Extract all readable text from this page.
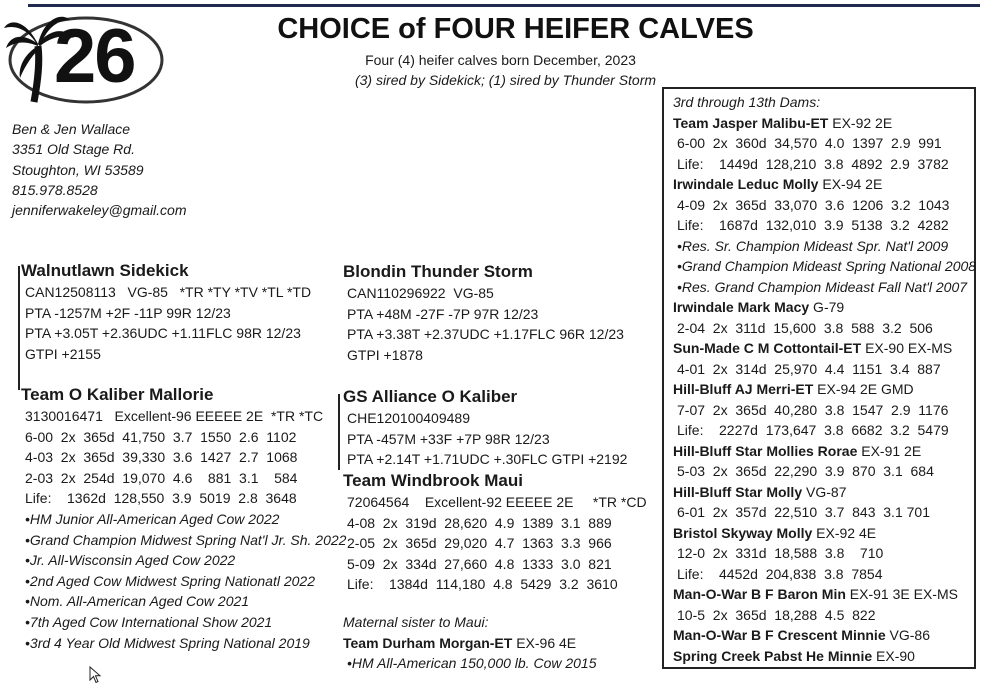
26	CHOICE of FOUR HEIFER CALVES
Four (4) heifer calves born December, 2023
(3) sired by Sidekick; (1) sired by Thunder Storm
Ben & Jen Wallace
3351 Old Stage Rd.
Stoughton, WI 53589
815.978.8528
jenniferwakeley@gmail.com
Walnutlawn Sidekick
CAN12508113   VG-85   *TR *TY *TV *TL *TD
PTA -1257M +2F -11P 99R 12/23
PTA +3.05T +2.36UDC +1.11FLC 98R 12/23
GTPI +2155
Team O Kaliber Mallorie
3130016471   Excellent-96 EEEEE 2E  *TR *TC
6-00  2x  365d  41,750  3.7  1550  2.6  1102
4-03  2x  365d  39,330  3.6  1427  2.7  1068
2-03  2x  254d  19,070  4.6    881  3.1    584
Life:    1362d  128,550  3.9  5019  2.8  3648
•HM Junior All-American Aged Cow 2022
•Grand Champion Midwest Spring Nat'l Jr. Sh. 2022
•Jr. All-Wisconsin Aged Cow 2022
•2nd Aged Cow Midwest Spring Nationatl 2022
•Nom. All-American Aged Cow 2021
•7th Aged Cow International Show 2021
•3rd 4 Year Old Midwest Spring National 2019
Blondin Thunder Storm
CAN110296922  VG-85
PTA +48M -27F -7P 97R 12/23
PTA +3.38T +2.37UDC +1.17FLC 96R 12/23
GTPI +1878
GS Alliance O Kaliber
CHE120100409489
PTA -457M +33F +7P 98R 12/23
PTA +2.14T +1.71UDC +.30FLC GTPI +2192
Team Windbrook Maui
72064564    Excellent-92 EEEEE 2E     *TR *CD
4-08  2x  319d  28,620  4.9  1389  3.1  889
2-05  2x  365d  29,020  4.7  1363  3.3  966
5-09  2x  334d  27,660  4.8  1333  3.0  821
Life:    1384d  114,180  4.8  5429  3.2  3610
Maternal sister to Maui:
Team Durham Morgan-ET EX-96 4E
•HM All-American 150,000 lb. Cow 2015
3rd through 13th Dams:
Team Jasper Malibu-ET EX-92 2E
6-00  2x  360d  34,570  4.0  1397  2.9  991
Life:    1449d  128,210  3.8  4892  2.9  3782
Irwindale Leduc Molly EX-94 2E
4-09  2x  365d  33,070  3.6  1206  3.2  1043
Life:    1687d  132,010  3.9  5138  3.2  4282
•Res. Sr. Champion Mideast Spr. Nat'l 2009
•Grand Champion Mideast Spring National 2008
•Res. Grand Champion Mideast Fall Nat'l 2007
Irwindale Mark Macy G-79
2-04  2x  311d  15,600  3.8  588  3.2  506
Sun-Made C M Cottontail-ET EX-90 EX-MS
4-01  2x  314d  25,970  4.4  1151  3.4  887
Hill-Bluff AJ Merri-ET EX-94 2E GMD
7-07  2x  365d  40,280  3.8  1547  2.9  1176
Life:    2227d  173,647  3.8  6682  3.2  5479
Hill-Bluff Star Mollies Rorae EX-91 2E
5-03  2x  365d  22,290  3.9  870  3.1  684
Hill-Bluff Star Molly VG-87
6-01  2x  357d  22,510  3.7  843  3.1 701
Bristol Skyway Molly EX-92 4E
12-0  2x  331d  18,588  3.8    710
Life:    4452d  204,838  3.8  7854
Man-O-War B F Baron Min EX-91 3E EX-MS
10-5  2x  365d  18,288  4.5  822
Man-O-War B F Crescent Minnie VG-86
Spring Creek Pabst He Minnie EX-90
